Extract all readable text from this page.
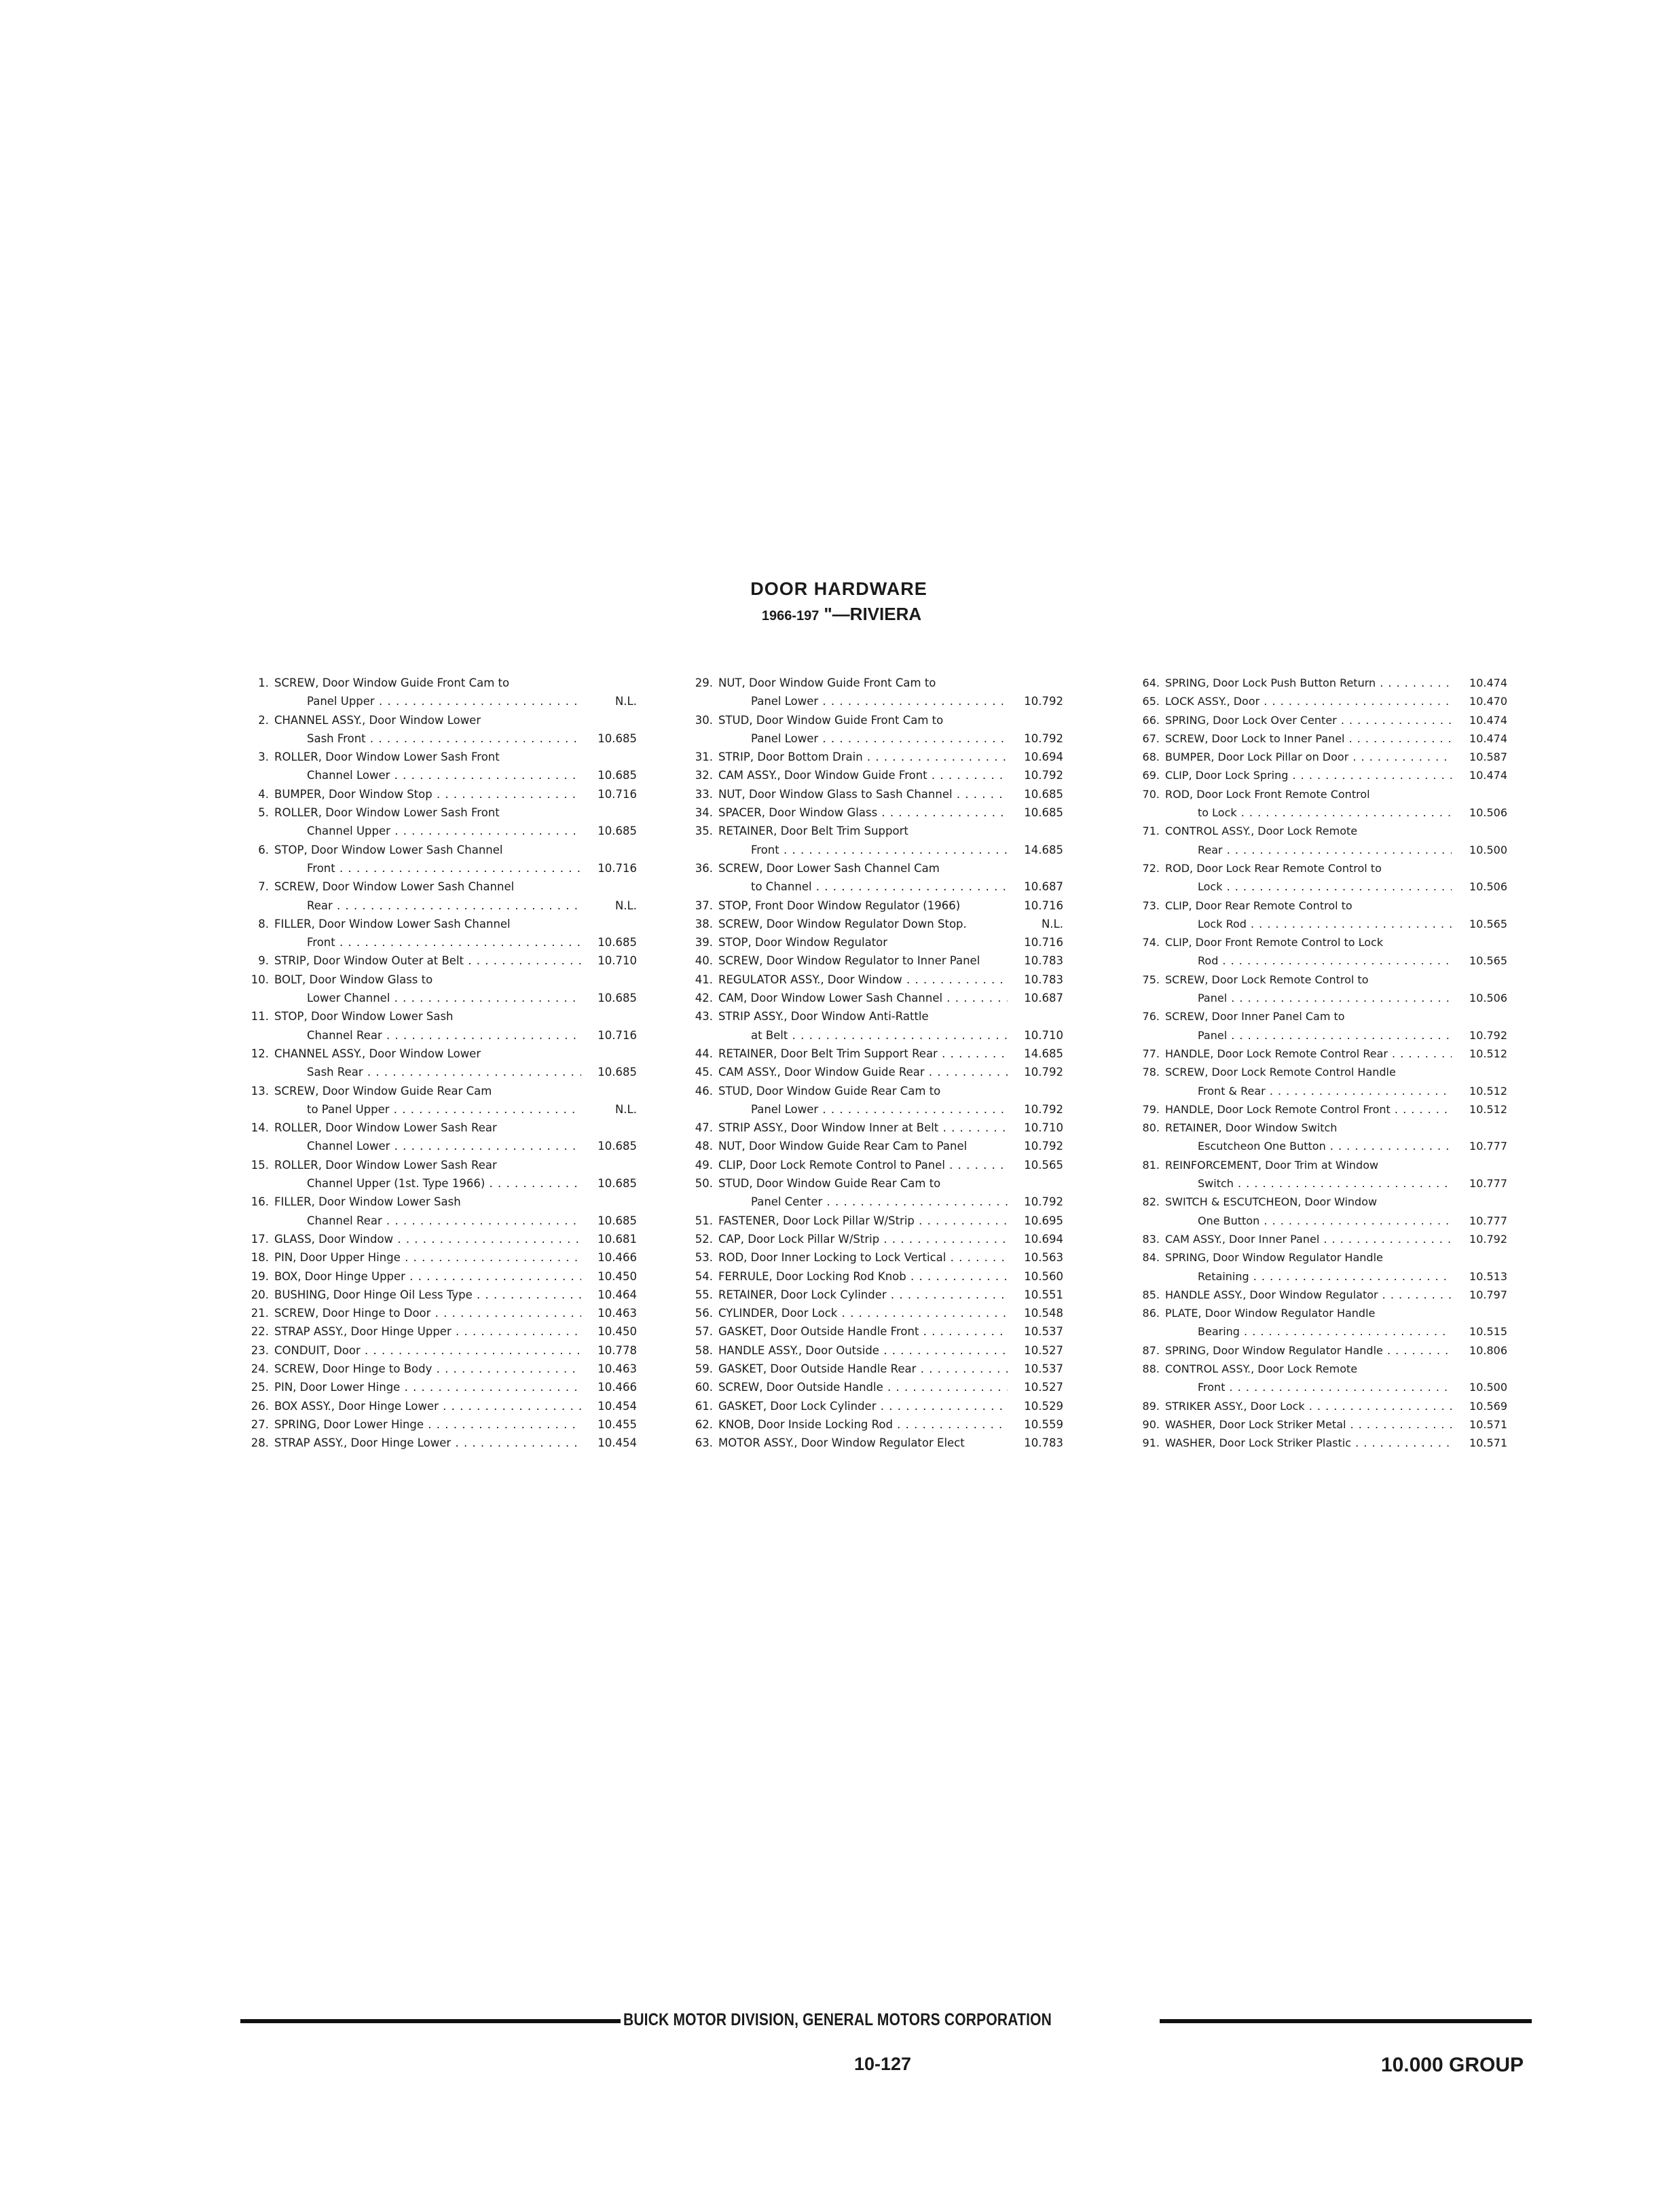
DOOR HARDWARE
1966-197 "—RIVIERA
1. SCREW, Door Window Guide Front Cam to
Panel Upper . . .	N.L.
2. CHANNEL ASSY., Door Window Lower
Sash Front . . .	10.685
3. ROLLER, Door Window Lower Sash Front
Channel Lower . . .	10.685
4. BUMPER, Door Window Stop . . .	10.716
5. ROLLER, Door Window Lower Sash Front
Channel Upper . . .	10.685
6. STOP, Door Window Lower Sash Channel
Front . . .	10.716
7. SCREW, Door Window Lower Sash Channel
Rear . . .	N.L.
8. FILLER, Door Window Lower Sash Channel
Front . . .	10.685
9. STRIP, Door Window Outer at Belt . . .	10.710
10. BOLT, Door Window Glass to
Lower Channel . . .	10.685
11. STOP, Door Window Lower Sash
Channel Rear . . .	10.716
12. CHANNEL ASSY., Door Window Lower
Sash Rear . . .	10.685
13. SCREW, Door Window Guide Rear Cam
to Panel Upper . . .	N.L.
14. ROLLER, Door Window Lower Sash Rear
Channel Lower . . .	10.685
15. ROLLER, Door Window Lower Sash Rear
Channel Upper (1st. Type 1966) . . .	10.685
16. FILLER, Door Window Lower Sash
Channel Rear . . .	10.685
17. GLASS, Door Window . . .	10.681
18. PIN, Door Upper Hinge . . .	10.466
19. BOX, Door Hinge Upper . . .	10.450
20. BUSHING, Door Hinge Oil Less Type . . .	10.464
21. SCREW, Door Hinge to Door . . .	10.463
22. STRAP ASSY., Door Hinge Upper . . .	10.450
23. CONDUIT, Door . . .	10.778
24. SCREW, Door Hinge to Body . . .	10.463
25. PIN, Door Lower Hinge . . .	10.466
26. BOX ASSY., Door Hinge Lower . . .	10.454
27. SPRING, Door Lower Hinge . . .	10.455
28. STRAP ASSY., Door Hinge Lower . . .	10.454
29. NUT, Door Window Guide Front Cam to
Panel Lower . . .	10.792
30. STUD, Door Window Guide Front Cam to
Panel Lower . . .	10.792
31. STRIP, Door Bottom Drain . . .	10.694
32. CAM ASSY., Door Window Guide Front . . .	10.792
33. NUT, Door Window Glass to Sash Channel . . .	10.685
34. SPACER, Door Window Glass . . .	10.685
35. RETAINER, Door Belt Trim Support
Front . . .	14.685
36. SCREW, Door Lower Sash Channel Cam
to Channel . . .	10.687
37. STOP, Front Door Window Regulator (1966)	10.716
38. SCREW, Door Window Regulator Down Stop.	N.L.
39. STOP, Door Window Regulator	10.716
40. SCREW, Door Window Regulator to Inner Panel	10.783
41. REGULATOR ASSY., Door Window . . .	10.783
42. CAM, Door Window Lower Sash Channel . . .	10.687
43. STRIP ASSY., Door Window Anti-Rattle
at Belt . . .	10.710
44. RETAINER, Door Belt Trim Support Rear . . .	14.685
45. CAM ASSY., Door Window Guide Rear . . .	10.792
46. STUD, Door Window Guide Rear Cam to
Panel Lower . . .	10.792
47. STRIP ASSY., Door Window Inner at Belt . . .	10.710
48. NUT, Door Window Guide Rear Cam to Panel	10.792
49. CLIP, Door Lock Remote Control to Panel . . .	10.565
50. STUD, Door Window Guide Rear Cam to
Panel Center . . .	10.792
51. FASTENER, Door Lock Pillar W/Strip . . .	10.695
52. CAP, Door Lock Pillar W/Strip . . .	10.694
53. ROD, Door Inner Locking to Lock Vertical . . .	10.563
54. FERRULE, Door Locking Rod Knob . . .	10.560
55. RETAINER, Door Lock Cylinder . . .	10.551
56. CYLINDER, Door Lock . . .	10.548
57. GASKET, Door Outside Handle Front . . .	10.537
58. HANDLE ASSY., Door Outside . . .	10.527
59. GASKET, Door Outside Handle Rear . . .	10.537
60. SCREW, Door Outside Handle . . .	10.527
61. GASKET, Door Lock Cylinder . . .	10.529
62. KNOB, Door Inside Locking Rod . . .	10.559
63. MOTOR ASSY., Door Window Regulator Elect	10.783
64. SPRING, Door Lock Push Button Return . . .	10.474
65. LOCK ASSY., Door . . .	10.470
66. SPRING, Door Lock Over Center . . .	10.474
67. SCREW, Door Lock to Inner Panel . . .	10.474
68. BUMPER, Door Lock Pillar on Door . . .	10.587
69. CLIP, Door Lock Spring . . .	10.474
70. ROD, Door Lock Front Remote Control
to Lock . . .	10.506
71. CONTROL ASSY., Door Lock Remote
Rear . . .	10.500
72. ROD, Door Lock Rear Remote Control to
Lock . . .	10.506
73. CLIP, Door Rear Remote Control to
Lock Rod . . .	10.565
74. CLIP, Door Front Remote Control to Lock
Rod . . .	10.565
75. SCREW, Door Lock Remote Control to
Panel . . .	10.506
76. SCREW, Door Inner Panel Cam to
Panel . . .	10.792
77. HANDLE, Door Lock Remote Control Rear . . .	10.512
78. SCREW, Door Lock Remote Control Handle
Front & Rear . . .	10.512
79. HANDLE, Door Lock Remote Control Front . . .	10.512
80. RETAINER, Door Window Switch
Escutcheon One Button . . .	10.777
81. REINFORCEMENT, Door Trim at Window
Switch . . .	10.777
82. SWITCH & ESCUTCHEON, Door Window
One Button . . .	10.777
83. CAM ASSY., Door Inner Panel . . .	10.792
84. SPRING, Door Window Regulator Handle
Retaining . . .	10.513
85. HANDLE ASSY., Door Window Regulator . . .	10.797
86. PLATE, Door Window Regulator Handle
Bearing . . .	10.515
87. SPRING, Door Window Regulator Handle . . .	10.806
88. CONTROL ASSY., Door Lock Remote
Front . . .	10.500
89. STRIKER ASSY., Door Lock . . .	10.569
90. WASHER, Door Lock Striker Metal . . .	10.571
91. WASHER, Door Lock Striker Plastic . . .	10.571
BUICK MOTOR DIVISION, GENERAL MOTORS CORPORATION
10-127	10.000 GROUP
